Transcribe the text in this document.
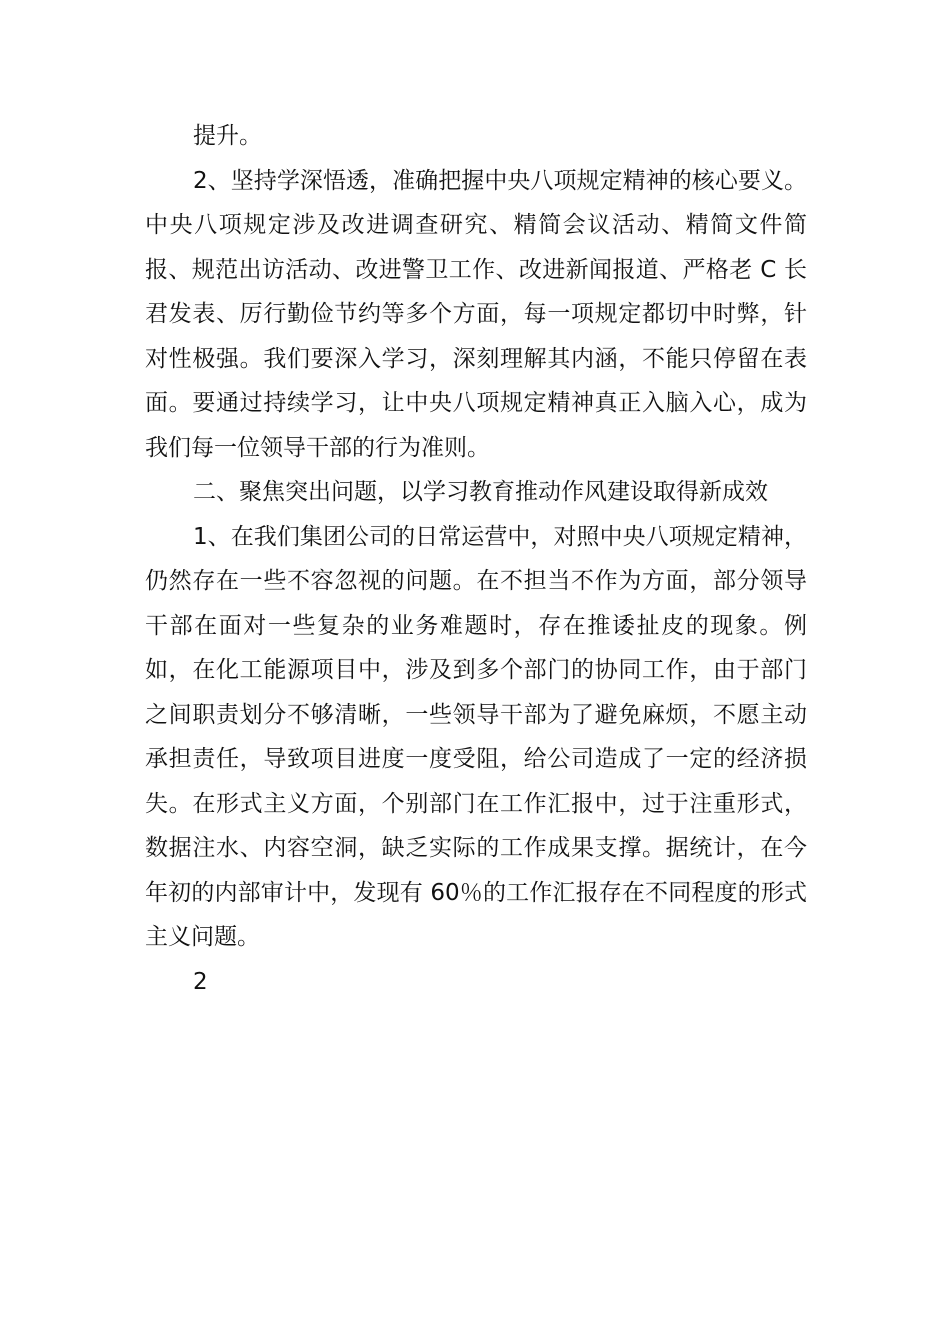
提升。

2、坚持学深悟透，准确把握中央八项规定精神的核心要义。中央八项规定涉及改进调查研究、精简会议活动、精简文件简报、规范出访活动、改进警卫工作、改进新闻报道、严格老 C 长君发表、厉行勤俭节约等多个方面，每一项规定都切中时弊，针对性极强。我们要深入学习，深刻理解其内涵，不能只停留在表面。要通过持续学习，让中央八项规定精神真正入脑入心，成为我们每一位领导干部的行为准则。

二、聚焦突出问题，以学习教育推动作风建设取得新成效

1、在我们集团公司的日常运营中，对照中央八项规定精神，仍然存在一些不容忽视的问题。在不担当不作为方面，部分领导干部在面对一些复杂的业务难题时，存在推诿扯皮的现象。例如，在化工能源项目中，涉及到多个部门的协同工作，由于部门之间职责划分不够清晰，一些领导干部为了避免麻烦，不愿主动承担责任，导致项目进度一度受阻，给公司造成了一定的经济损失。在形式主义方面，个别部门在工作汇报中，过于注重形式，数据注水、内容空洞，缺乏实际的工作成果支撑。据统计，在今年初的内部审计中，发现有 60％的工作汇报存在不同程度的形式主义问题。

2
